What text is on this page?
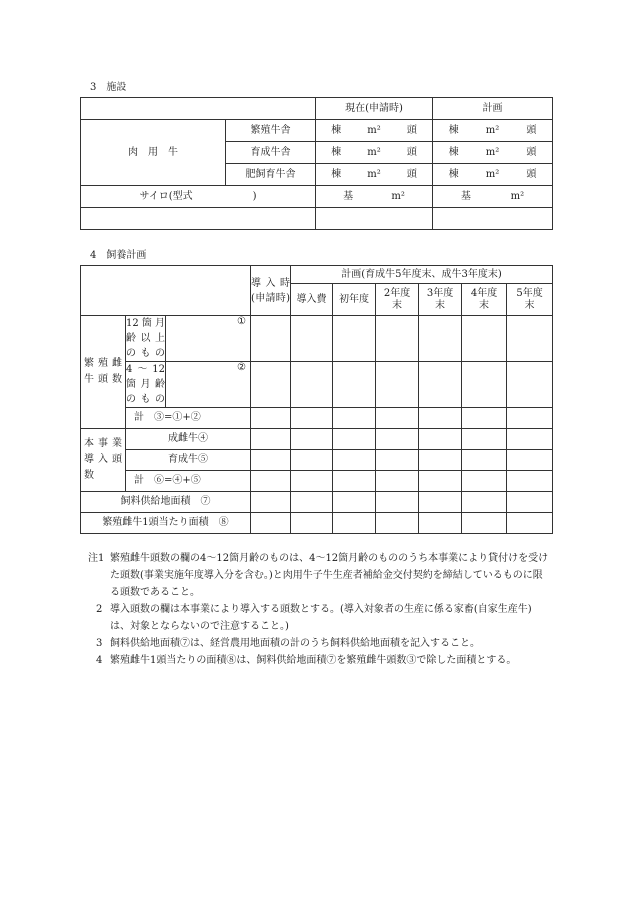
3　施設
		現在(申請時)	計画
肉　用　牛	繁殖牛舎	棟 m² 頭	棟 m² 頭

	育成牛舎	棟 m² 頭	棟 m² 頭

	肥飼育牛舎	棟 m² 頭	棟 m² 頭

サイロ(型式　　　　　　)		基 m²	基 m²

4　飼養計画
			導入時(申請時)	計画(育成牛5年度末、成牛3年度末)					
				導入費	初年度	2年度末	3年度末	4年度末	5年度末
繁殖雌牛頭数	12箇月齢以上のもの	①							
	4～12箇月齢のもの	②							
	計　③=①+②								
本事業導入頭数	成雌牛④								
	育成牛⑤								
	計　⑥=④+⑤								
飼料供給地面積　⑦									
繁殖雌牛1頭当たり面積　⑧									
注1 繁殖雌牛頭数の欄の4～12箇月齢のものは、4～12箇月齢のもののうち本事業により貸付けを受けた頭数(事業実施年度導入分を含む。)と肉用牛子牛生産者補給金交付契約を締結しているものに限る頭数であること。
2 導入頭数の欄は本事業により導入する頭数とする。(導入対象者の生産に係る家畜(自家生産牛)は、対象とならないので注意すること。)
3 飼料供給地面積⑦は、経営農用地面積の計のうち飼料供給地面積を記入すること。
4 繁殖雌牛1頭当たりの面積⑧は、飼料供給地面積⑦を繁殖雌牛頭数③で除した面積とする。
